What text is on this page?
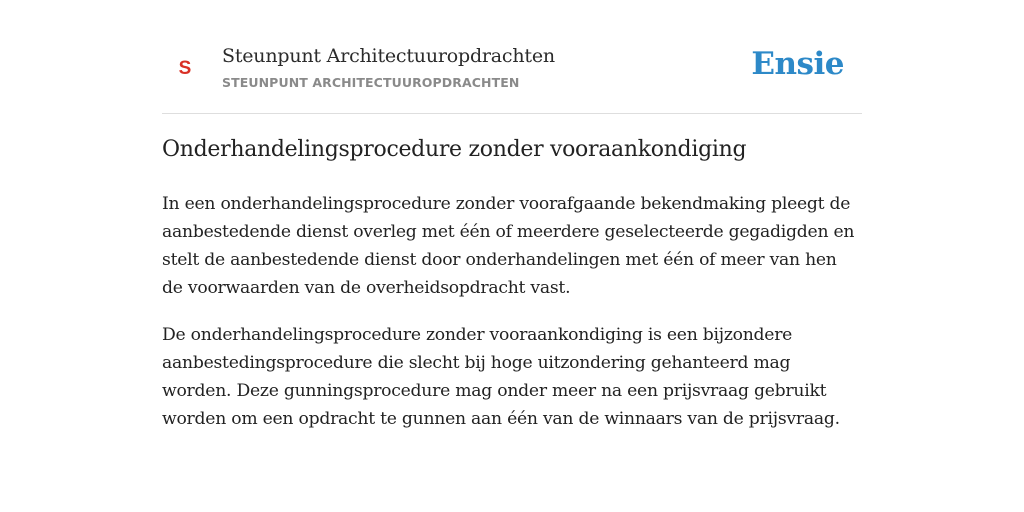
S
Steunpunt Architectuuropdrachten
STEUNPUNT ARCHITECTUUROPDRACHTEN
Ensie
Onderhandelingsprocedure zonder vooraankondiging

In een onderhandelingsprocedure zonder voorafgaande bekendmaking pleegt de aanbestedende dienst overleg met één of meerdere geselecteerde gegadigden en stelt de aanbestedende dienst door onderhandelingen met één of meer van hen de voorwaarden van de overheidsopdracht vast.

De onderhandelingsprocedure zonder vooraankondiging is een bijzondere aanbestedingsprocedure die slecht bij hoge uitzondering gehanteerd mag worden. Deze gunningsprocedure mag onder meer na een prijsvraag gebruikt worden om een opdracht te gunnen aan één van de winnaars van de prijsvraag.
